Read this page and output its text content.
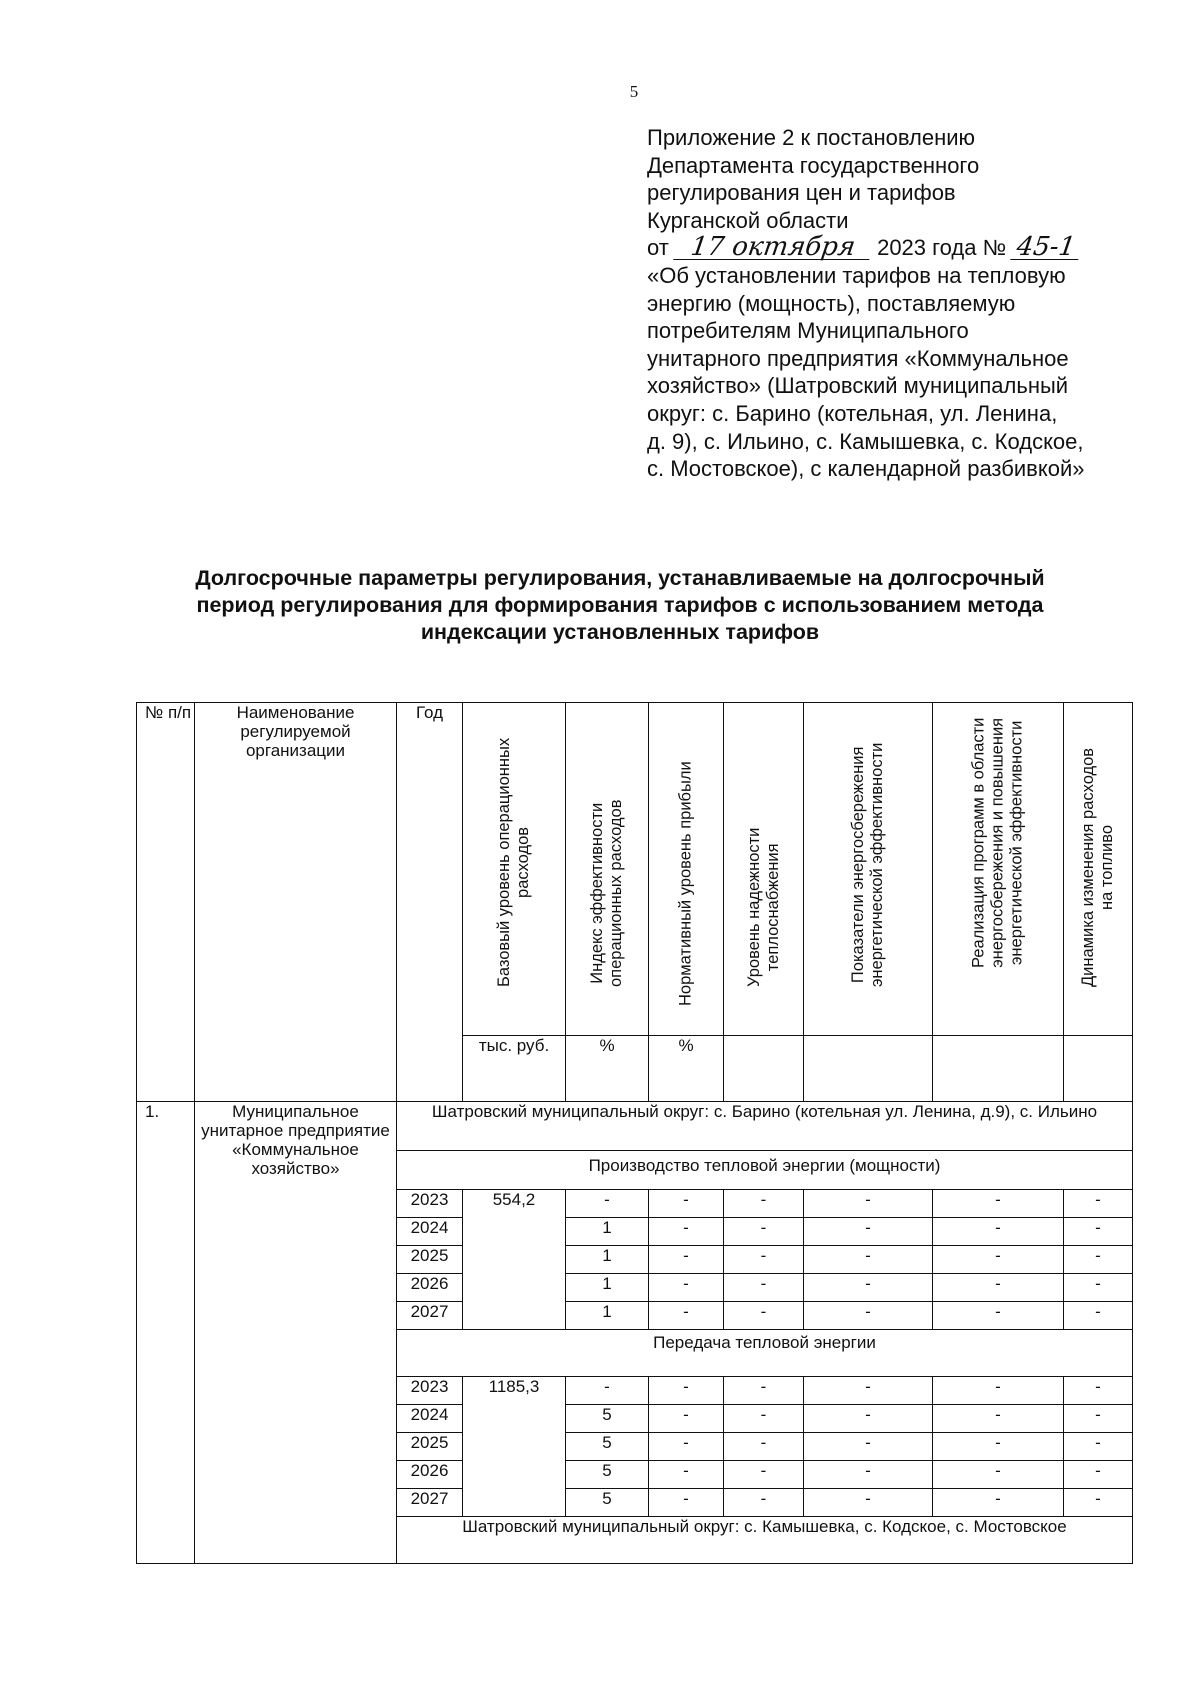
5
Приложение 2 к постановлению
Департамента государственного
регулирования цен и тарифов
Курганской области
от 17 октября 2023 года № 45-1
«Об установлении тарифов на тепловую
энергию (мощность), поставляемую
потребителям Муниципального
унитарного предприятия «Коммунальное
хозяйство» (Шатровский муниципальный
округ: с. Барино (котельная, ул. Ленина,
д. 9), с. Ильино, с. Камышевка, с. Кодское,
с. Мостовское), с календарной разбивкой»
Долгосрочные параметры регулирования, устанавливаемые на долгосрочный
период регулирования для формирования тарифов с использованием метода
индексации установленных тарифов
№ п/п	Наименование регулируемой организации	Год	Базовый уровень операционных расходов	Индекс эффективности операционных расходов	Нормативный уровень прибыли	Уровень надежности теплоснабжения	Показатели энергосбережения энергетической эффективности	Реализация программ в области энергосбережения и повышения энергетической эффективности	Динамика изменения расходов на топливо

			тыс. руб.	%	%				
1.	Муниципальное унитарное предприятие «Коммунальное хозяйство»	Шатровский муниципальный округ: с. Барино (котельная ул. Ленина, д.9), с. Ильино							
		Производство тепловой энергии (мощности)							
		2023	554,2	-	-	-	-	-	-
		2024		1	-	-	-	-	-
		2025		1	-	-	-	-	-
		2026		1	-	-	-	-	-
		2027		1	-	-	-	-	-
		Передача тепловой энергии							
		2023	1185,3	-	-	-	-	-	-
		2024		5	-	-	-	-	-
		2025		5	-	-	-	-	-
		2026		5	-	-	-	-	-
		2027		5	-	-	-	-	-
		Шатровский муниципальный округ: с. Камышевка, с. Кодское, с. Мостовское							
